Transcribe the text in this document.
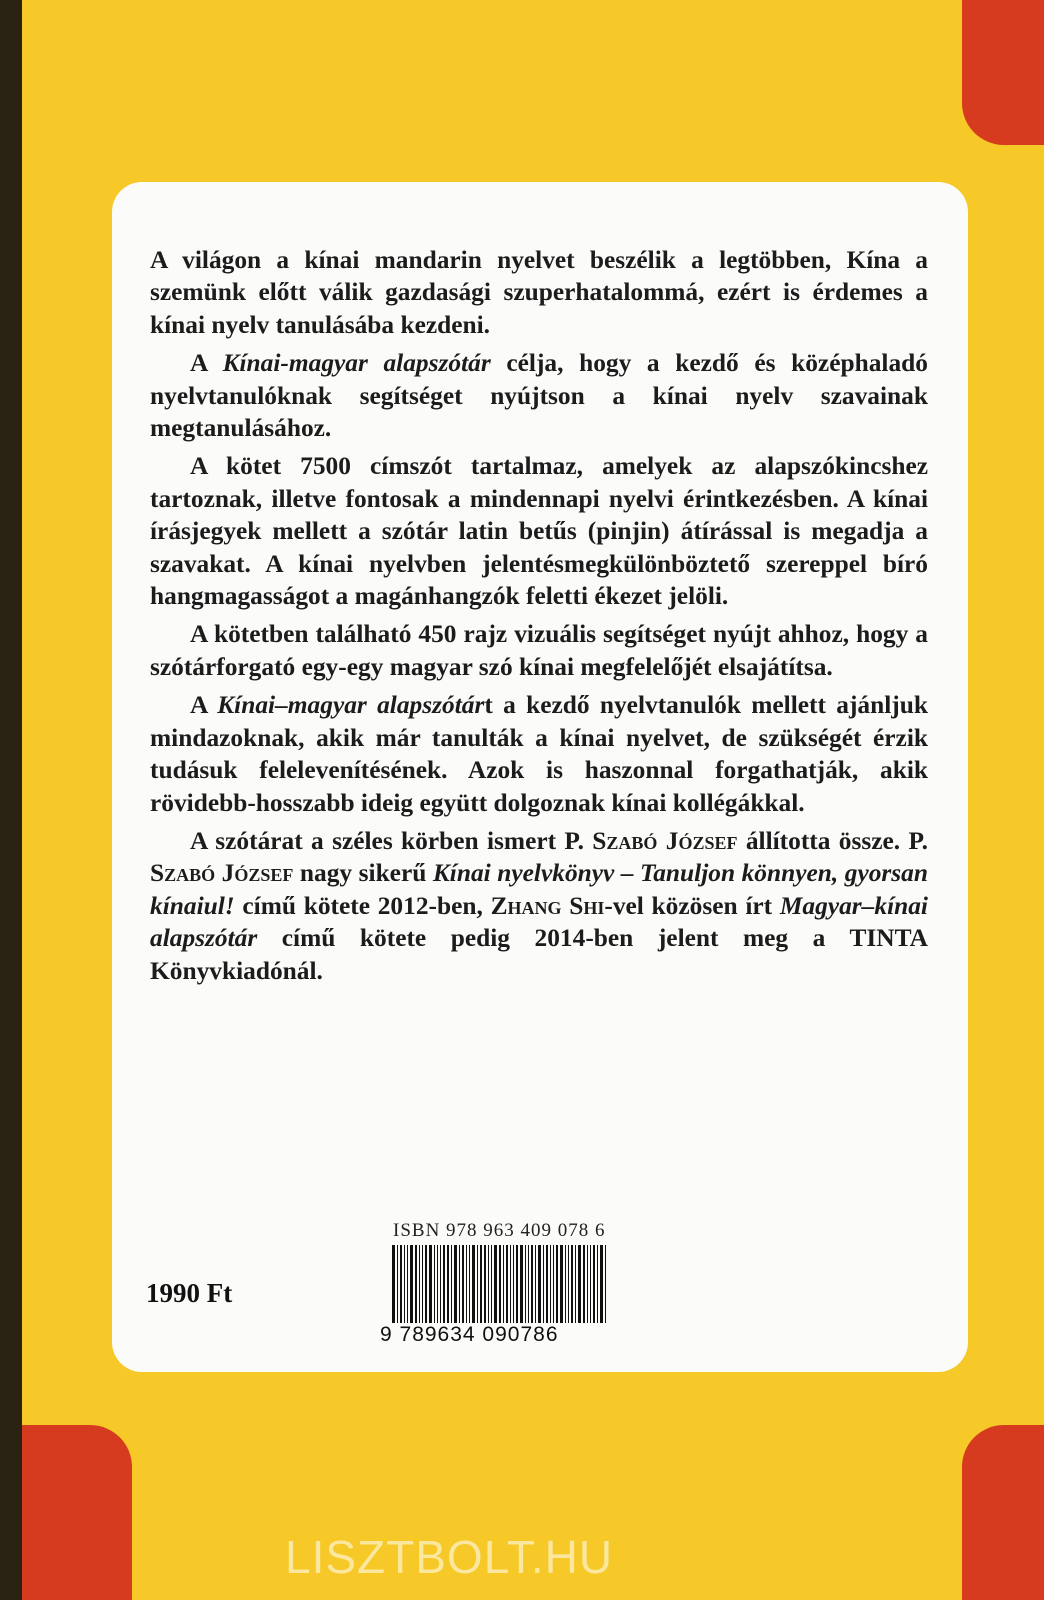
A világon a kínai mandarin nyelvet beszélik a legtöbben, Kína a szemünk előtt válik gazdasági szuperhatalommá, ezért is érdemes a kínai nyelv tanulásába kezdeni.

A Kínai-magyar alapszótár célja, hogy a kezdő és középhaladó nyelvtanulóknak segítséget nyújtson a kínai nyelv szavainak megtanulásához.

A kötet 7500 címszót tartalmaz, amelyek az alapszókincshez tartoznak, illetve fontosak a mindennapi nyelvi érintkezésben. A kínai írásjegyek mellett a szótár latin betűs (pinjin) átírással is megadja a szavakat. A kínai nyelvben jelentésmegkülönböztető szereppel bíró hangmagasságot a magánhangzók feletti ékezet jelöli.

A kötetben található 450 rajz vizuális segítséget nyújt ahhoz, hogy a szótárforgató egy-egy magyar szó kínai megfelelőjét elsajátítsa.

A Kínai–magyar alapszótárt a kezdő nyelvtanulók mellett ajánljuk mindazoknak, akik már tanulták a kínai nyelvet, de szükségét érzik tudásuk felelevenítésének. Azok is haszonnal forgathatják, akik rövidebb-hosszabb ideig együtt dolgoznak kínai kollégákkal.

A szótárat a széles körben ismert P. Szabó József állította össze. P. Szabó József nagy sikerű Kínai nyelvkönyv – Tanuljon könnyen, gyorsan kínaiul! című kötete 2012-ben, Zhang Shi-vel közösen írt Magyar–kínai alapszótár című kötete pedig 2014-ben jelent meg a TINTA Könyvkiadónál.

ISBN 978 963 409 078 6
9 789634 090786
1990 Ft
LISZTBOLT.HU
